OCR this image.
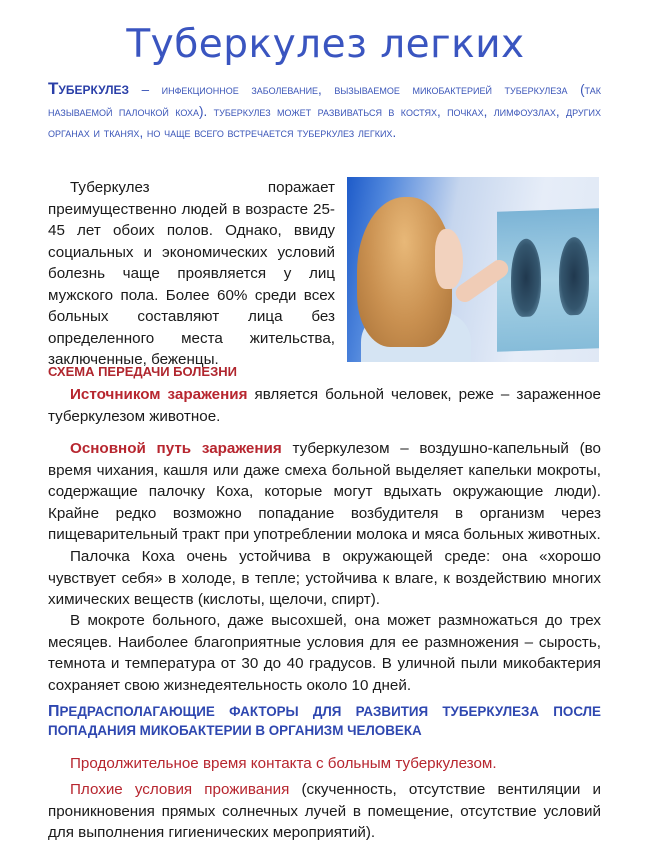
Туберкулез легких

Туберкулез – инфекционное заболевание, вызываемое микобактерией туберкулеза (так называемой палочкой коха). туберкулез может развиваться в костях, почках, лимфоузлах, других органах и тканях, но чаще всего встречается туберкулез легких.

Туберкулез поражает преимущественно людей в возрасте 25-45 лет обоих полов. Однако, ввиду социальных и экономических условий болезнь чаще проявляется у лиц мужского пола. Более 60% среди всех больных составляют лица без определенного места жительства, заключенные, беженцы.

СХЕМА ПЕРЕДАЧИ БОЛЕЗНИ

Источником заражения является больной человек, реже – зараженное туберкулезом животное.

Основной путь заражения туберкулезом – воздушно-капельный (во время чихания, кашля или даже смеха больной выделяет капельки мокроты, содержащие палочку Коха, которые могут вдыхать окружающие люди). Крайне редко возможно попадание возбудителя в организм через пищеварительный тракт при употреблении молока и мяса больных животных.

Палочка Коха очень устойчива в окружающей среде: она «хорошо чувствует себя» в холоде, в тепле; устойчива к влаге, к воздействию многих химических веществ (кислоты, щелочи, спирт).

В мокроте больного, даже высохшей, она может размножаться до трех месяцев. Наиболее благоприятные условия для ее размножения – сырость, темнота и температура от 30 до 40 градусов. В уличной пыли микобактерия сохраняет свою жизнедеятельность около 10 дней.

ПРЕДРАСПОЛАГАЮЩИЕ ФАКТОРЫ ДЛЯ РАЗВИТИЯ ТУБЕРКУЛЕЗА ПОСЛЕ ПОПАДАНИЯ МИКОБАКТЕРИИ В ОРГАНИЗМ ЧЕЛОВЕКА

Продолжительное время контакта с больным туберкулезом.

Плохие условия проживания (скученность, отсутствие вентиляции и проникновения прямых солнечных лучей в помещение, отсутствие условий для выполнения гигиенических мероприятий).
